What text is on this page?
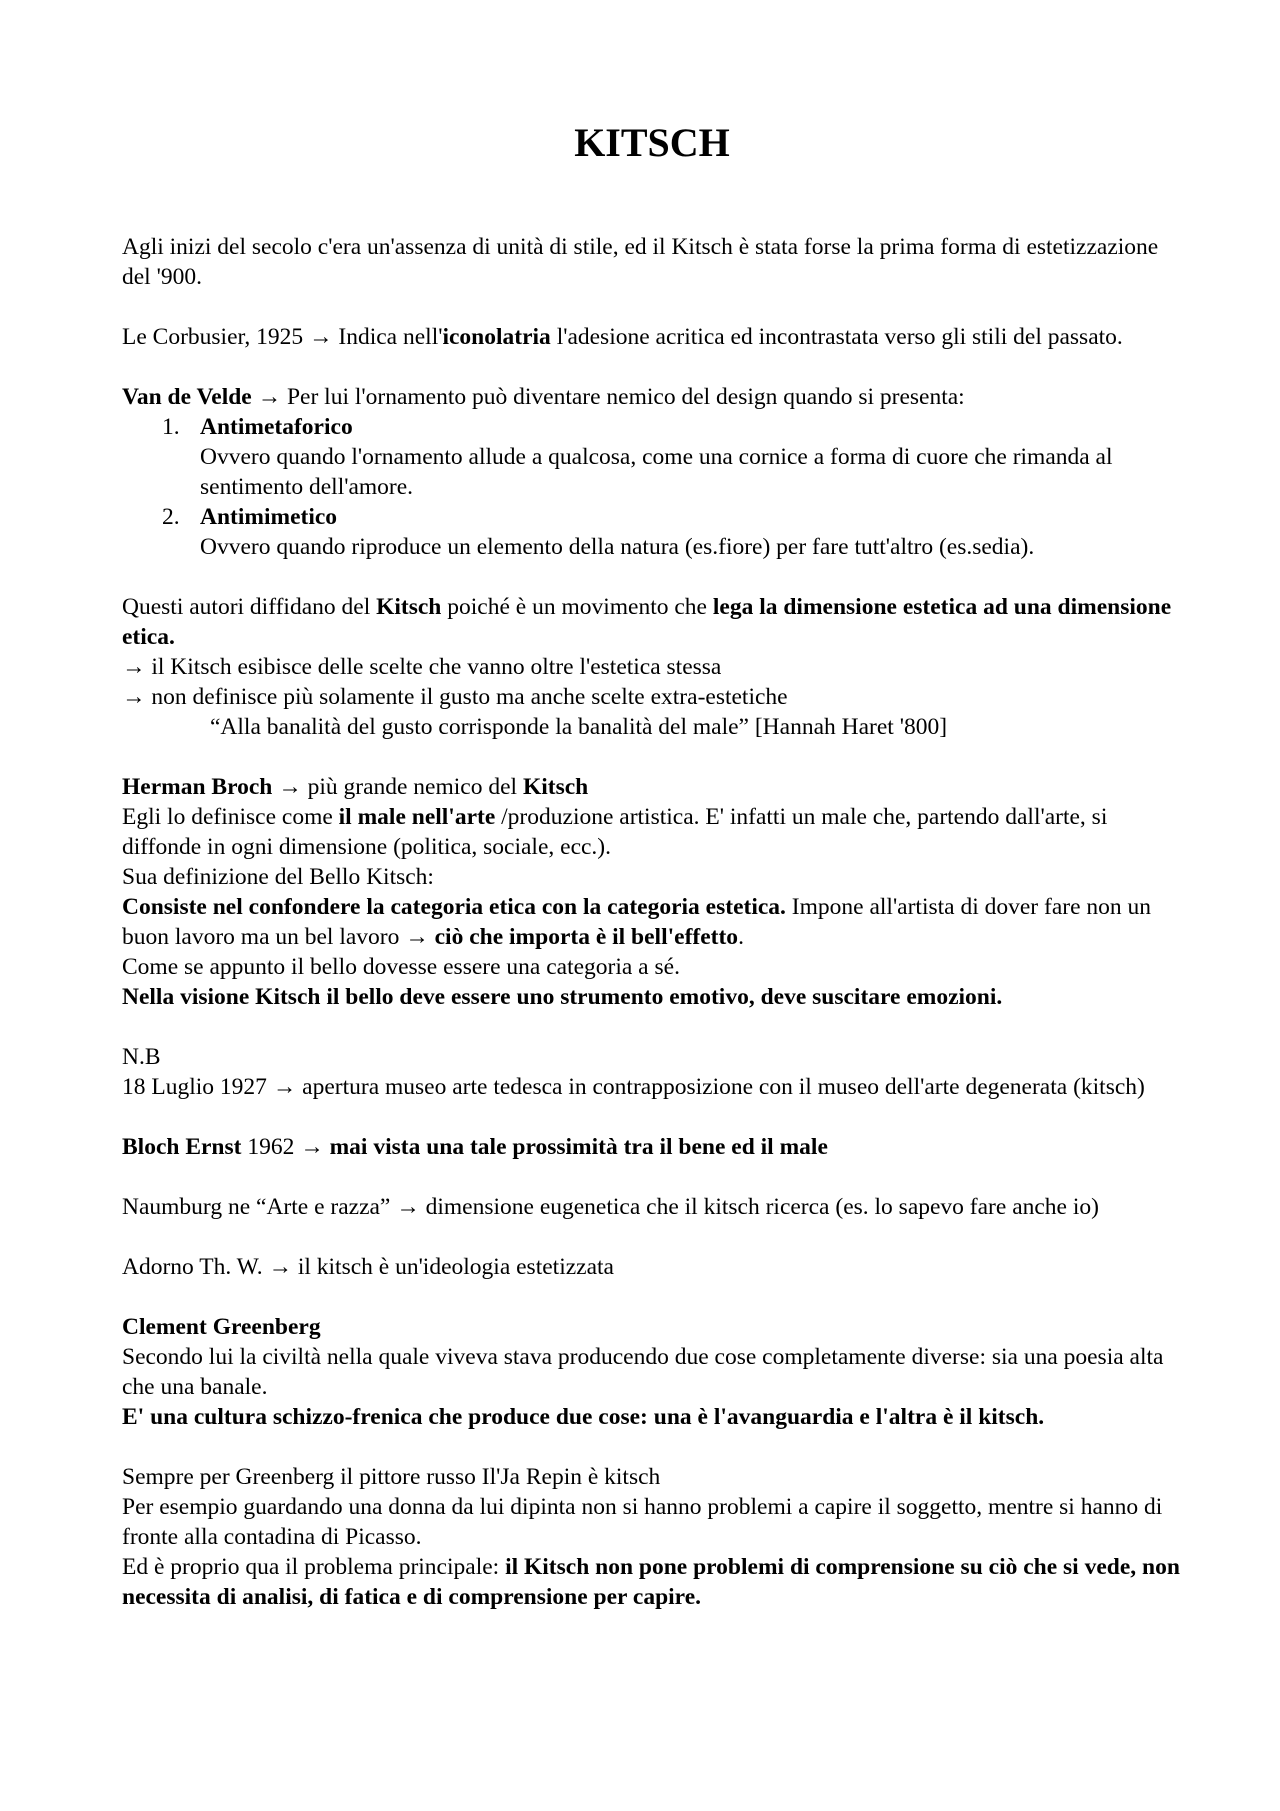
KITSCH

Agli inizi del secolo c'era un'assenza di unità di stile, ed il Kitsch è stata forse la prima forma di estetizzazione del '900.

Le Corbusier, 1925 → Indica nell'iconolatria l'adesione acritica ed incontrastata verso gli stili del passato.

Van de Velde → Per lui l'ornamento può diventare nemico del design quando si presenta:

1. Antimetaforico
Ovvero quando l'ornamento allude a qualcosa, come una cornice a forma di cuore che rimanda al sentimento dell'amore.
2. Antimimetico
Ovvero quando riproduce un elemento della natura (es.fiore) per fare tutt'altro (es.sedia).

Questi autori diffidano del Kitsch poiché è un movimento che lega la dimensione estetica ad una dimensione etica.

→ il Kitsch esibisce delle scelte che vanno oltre l'estetica stessa

→ non definisce più solamente il gusto ma anche scelte extra-estetiche

“Alla banalità del gusto corrisponde la banalità del male” [Hannah Haret '800]

Herman Broch → più grande nemico del Kitsch

Egli lo definisce come il male nell'arte /produzione artistica. E' infatti un male che, partendo dall'arte, si diffonde in ogni dimensione (politica, sociale, ecc.).

Sua definizione del Bello Kitsch:

Consiste nel confondere la categoria etica con la categoria estetica. Impone all'artista di dover fare non un buon lavoro ma un bel lavoro → ciò che importa è il bell'effetto.

Come se appunto il bello dovesse essere una categoria a sé.

Nella visione Kitsch il bello deve essere uno strumento emotivo, deve suscitare emozioni.

N.B

18 Luglio 1927 → apertura museo arte tedesca in contrapposizione con il museo dell'arte degenerata (kitsch)

Bloch Ernst 1962 → mai vista una tale prossimità tra il bene ed il male

Naumburg ne “Arte e razza” → dimensione eugenetica che il kitsch ricerca (es. lo sapevo fare anche io)

Adorno Th. W. → il kitsch è un'ideologia estetizzata

Clement Greenberg

Secondo lui la civiltà nella quale viveva stava producendo due cose completamente diverse: sia una poesia alta che una banale.

E' una cultura schizzo-frenica che produce due cose: una è l'avanguardia e l'altra è il kitsch.

Sempre per Greenberg il pittore russo Il'Ja Repin è kitsch

Per esempio guardando una donna da lui dipinta non si hanno problemi a capire il soggetto, mentre si hanno di fronte alla contadina di Picasso.

Ed è proprio qua il problema principale: il Kitsch non pone problemi di comprensione su ciò che si vede, non necessita di analisi, di fatica e di comprensione per capire.
